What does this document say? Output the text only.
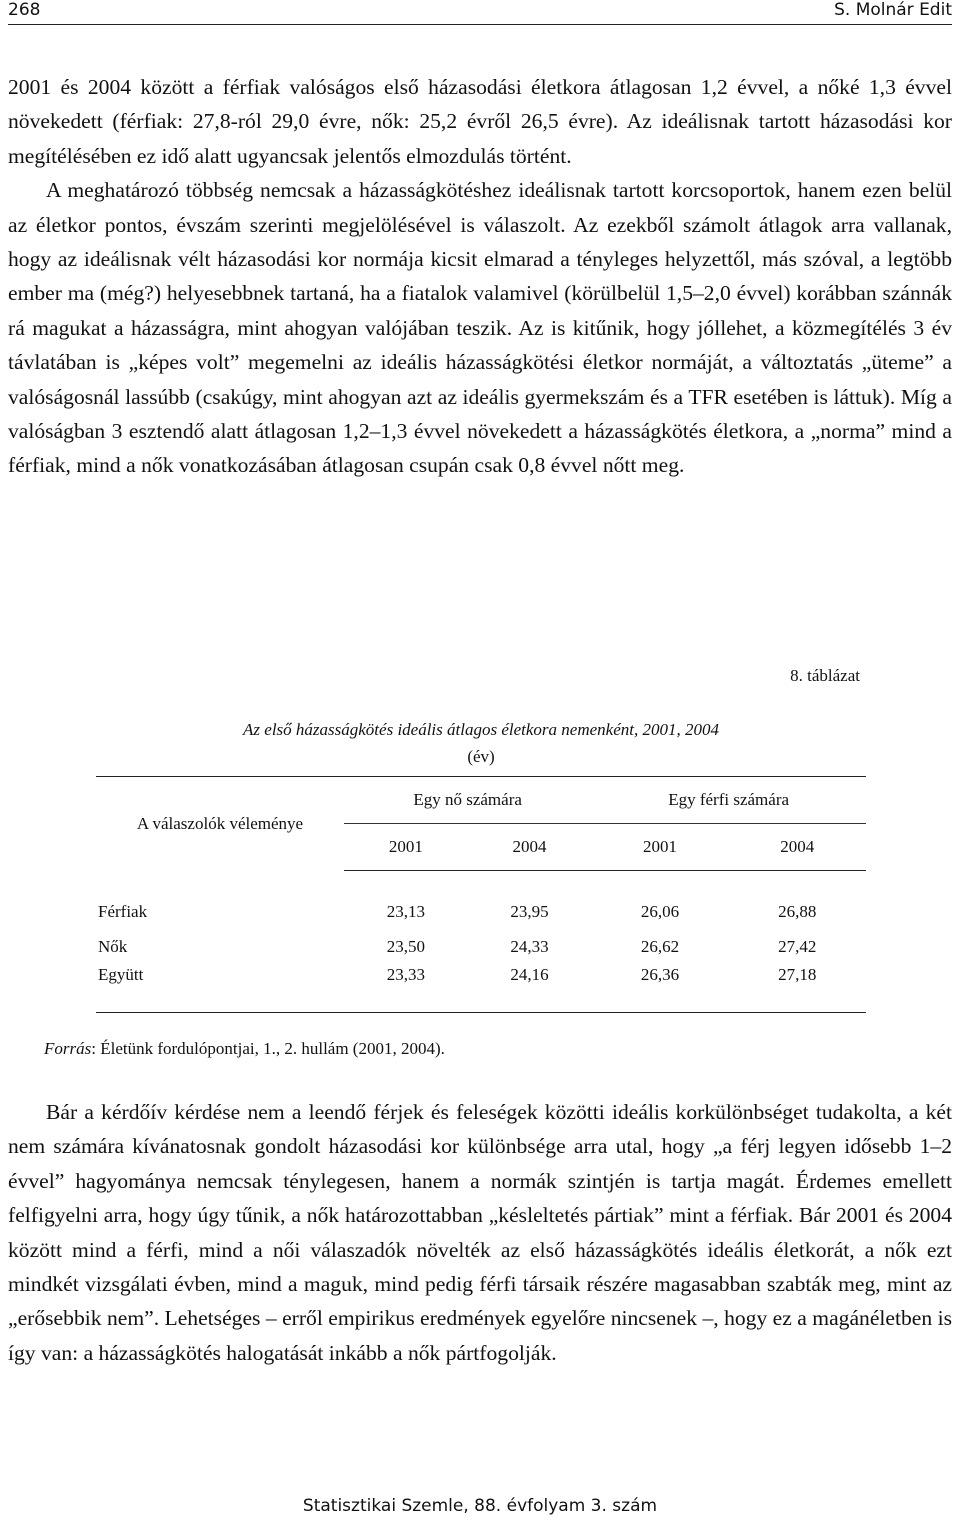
268	S. Molnár Edit

2001 és 2004 között a férfiak valóságos első házasodási életkora átlagosan 1,2 évvel, a nőké 1,3 évvel növekedett (férfiak: 27,8-ról 29,0 évre, nők: 25,2 évről 26,5 évre). Az ideálisnak tartott házasodási kor megítélésében ez idő alatt ugyancsak jelentős elmozdulás történt.

A meghatározó többség nemcsak a házasságkötéshez ideálisnak tartott korcsoportok, hanem ezen belül az életkor pontos, évszám szerinti megjelölésével is válaszolt. Az ezekből számolt átlagok arra vallanak, hogy az ideálisnak vélt házasodási kor normája kicsit elmarad a tényleges helyzettől, más szóval, a legtöbb ember ma (még?) helyesebbnek tartaná, ha a fiatalok valamivel (körülbelül 1,5–2,0 évvel) korábban szánnák rá magukat a házasságra, mint ahogyan valójában teszik. Az is kitűnik, hogy jóllehet, a közmegítélés 3 év távlatában is „képes volt” megemelni az ideális házasságkötési életkor normáját, a változtatás „üteme” a valóságosnál lassúbb (csakúgy, mint ahogyan azt az ideális gyermekszám és a TFR esetében is láttuk). Míg a valóságban 3 esztendő alatt átlagosan 1,2–1,3 évvel növekedett a házasságkötés életkora, a „norma” mind a férfiak, mind a nők vonatkozásában átlagosan csupán csak 0,8 évvel nőtt meg.

8. táblázat
Az első házasságkötés ideális átlagos életkora nemenként, 2001, 2004
(év)
A válaszolók véleménye	Egy nő számára		Egy férfi számára	
	2001	2004	2001	2004

Férfiak	23,13	23,95	26,06	26,88
Nők	23,50	24,33	26,62	27,42
Együtt	23,33	24,16	26,36	27,18
Forrás: Életünk fordulópontjai, 1., 2. hullám (2001, 2004).

Bár a kérdőív kérdése nem a leendő férjek és feleségek közötti ideális korkülönbséget tudakolta, a két nem számára kívánatosnak gondolt házasodási kor különbsége arra utal, hogy „a férj legyen idősebb 1–2 évvel” hagyománya nemcsak ténylegesen, hanem a normák szintjén is tartja magát. Érdemes emellett felfigyelni arra, hogy úgy tűnik, a nők határozottabban „késleltetés pártiak” mint a férfiak. Bár 2001 és 2004 között mind a férfi, mind a női válaszadók növelték az első házasságkötés ideális életkorát, a nők ezt mindkét vizsgálati évben, mind a maguk, mind pedig férfi társaik részére magasabban szabták meg, mint az „erősebbik nem”. Lehetséges – erről empirikus eredmények egyelőre nincsenek –, hogy ez a magánéletben is így van: a házasságkötés halogatását inkább a nők pártfogolják.

Statisztikai Szemle, 88. évfolyam 3. szám
